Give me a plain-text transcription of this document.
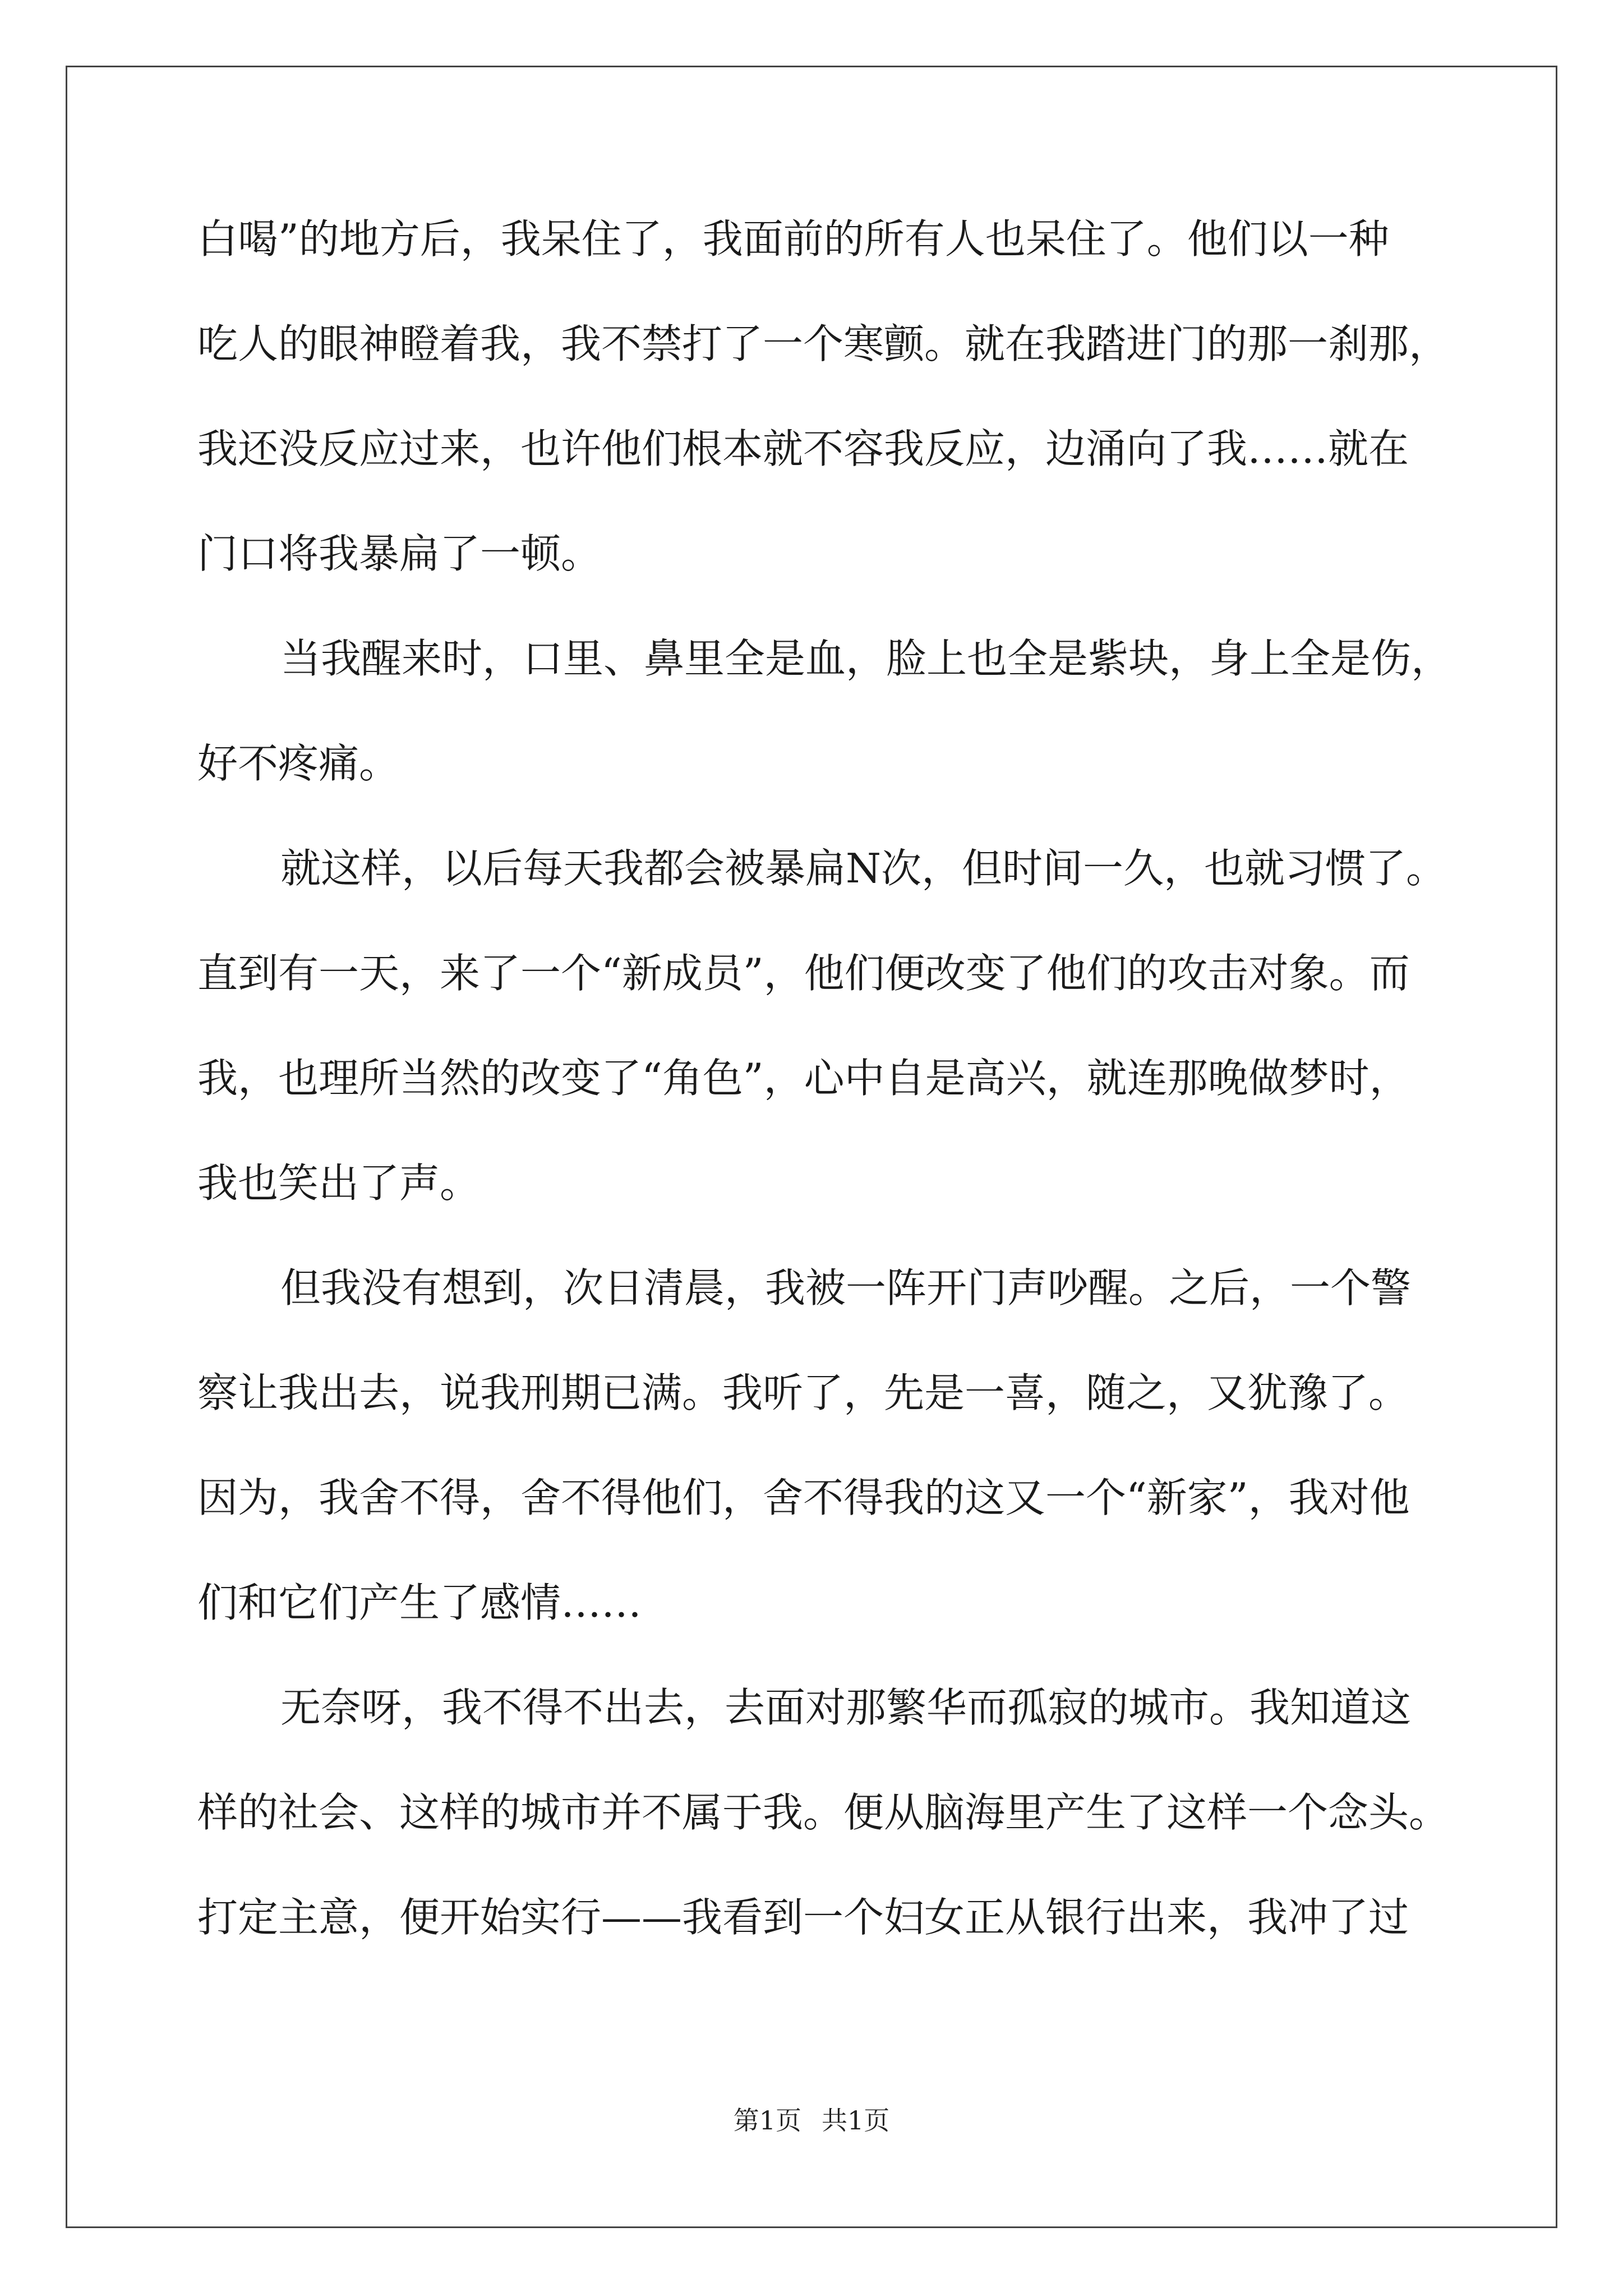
白喝”的地方后，我呆住了，我面前的所有人也呆住了。他们以一种
吃人的眼神瞪着我，我不禁打了一个寒颤。就在我踏进门的那一刹那，
我还没反应过来，也许他们根本就不容我反应，边涌向了我……就在
门口将我暴扁了一顿。
当我醒来时，口里、鼻里全是血，脸上也全是紫块，身上全是伤，
好不疼痛。
就这样，以后每天我都会被暴扁N次，但时间一久，也就习惯了。
直到有一天，来了一个“新成员”，他们便改变了他们的攻击对象。而
我，也理所当然的改变了“角色”，心中自是高兴，就连那晚做梦时，
我也笑出了声。
但我没有想到，次日清晨，我被一阵开门声吵醒。之后，一个警
察让我出去，说我刑期已满。我听了，先是一喜，随之，又犹豫了。
因为，我舍不得，舍不得他们，舍不得我的这又一个“新家”，我对他
们和它们产生了感情……
无奈呀，我不得不出去，去面对那繁华而孤寂的城市。我知道这
样的社会、这样的城市并不属于我。便从脑海里产生了这样一个念头。
打定主意，便开始实行——我看到一个妇女正从银行出来，我冲了过
第1页 共1页
